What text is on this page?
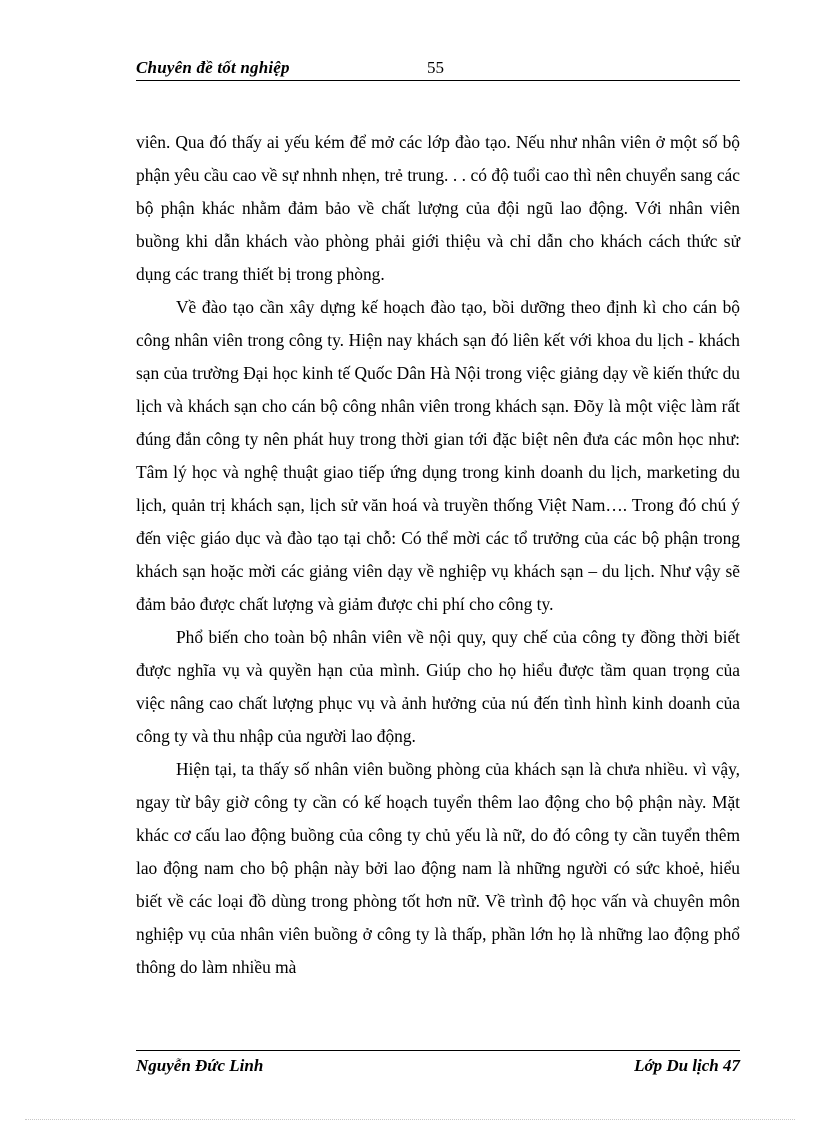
Chuyên đề tốt nghiệp	55

viên. Qua đó thấy ai yếu kém để mở các lớp đào tạo. Nếu như nhân viên ở một số bộ phận yêu cầu cao về sự nhnh nhẹn, trẻ trung. . . có độ tuổi cao thì nên chuyển sang các bộ phận khác nhằm đảm bảo về chất lượng của đội ngũ lao động. Với nhân viên buồng khi dẫn khách vào phòng phải giới thiệu và chỉ dẫn cho khách cách thức sử dụng các trang thiết bị trong phòng.

Về đào tạo cần xây dựng kế hoạch đào tạo, bồi dưỡng theo định kì cho cán bộ công nhân viên trong công ty. Hiện nay khách sạn đó liên kết với khoa du lịch - khách sạn của trường Đại học kinh tế Quốc Dân Hà Nội trong việc giảng dạy về kiến thức du lịch và khách sạn cho cán bộ công nhân viên trong khách sạn. Đõy là một việc làm rất đúng đắn công ty nên phát huy trong thời gian tới đặc biệt nên đưa các môn học như: Tâm lý học và nghệ thuật giao tiếp ứng dụng trong kinh doanh du lịch, marketing du lịch, quản trị khách sạn, lịch sử văn hoá và truyền thống Việt Nam…. Trong đó chú ý đến việc giáo dục và đào tạo tại chỗ: Có thể mời các tổ trưởng của các bộ phận trong khách sạn hoặc mời các giảng viên dạy về nghiệp vụ khách sạn – du lịch. Như vậy sẽ đảm bảo được chất lượng và giảm được chi phí cho công ty.

Phổ biến cho toàn bộ nhân viên về nội quy, quy chế của công ty đồng thời biết được nghĩa vụ và quyền hạn của mình. Giúp cho họ hiểu được tầm quan trọng của việc nâng cao chất lượng phục vụ và ảnh hưởng của nú đến tình hình kinh doanh của công ty và thu nhập của người lao động.

Hiện tại, ta thấy số nhân viên buồng phòng của khách sạn là chưa nhiều. vì vậy, ngay từ bây giờ công ty cần có kế hoạch tuyển thêm lao động cho bộ phận này. Mặt khác cơ cấu lao động buồng của công ty chủ yếu là nữ, do đó công ty cần tuyển thêm lao động nam cho bộ phận này bởi lao động nam là những người có sức khoẻ, hiểu biết về các loại đồ dùng trong phòng tốt hơn nữ. Về trình độ học vấn và chuyên môn nghiệp vụ của nhân viên buồng ở công ty là thấp, phần lớn họ là những lao động phổ thông do làm nhiều mà

Nguyễn Đức Linh	Lớp Du lịch 47
